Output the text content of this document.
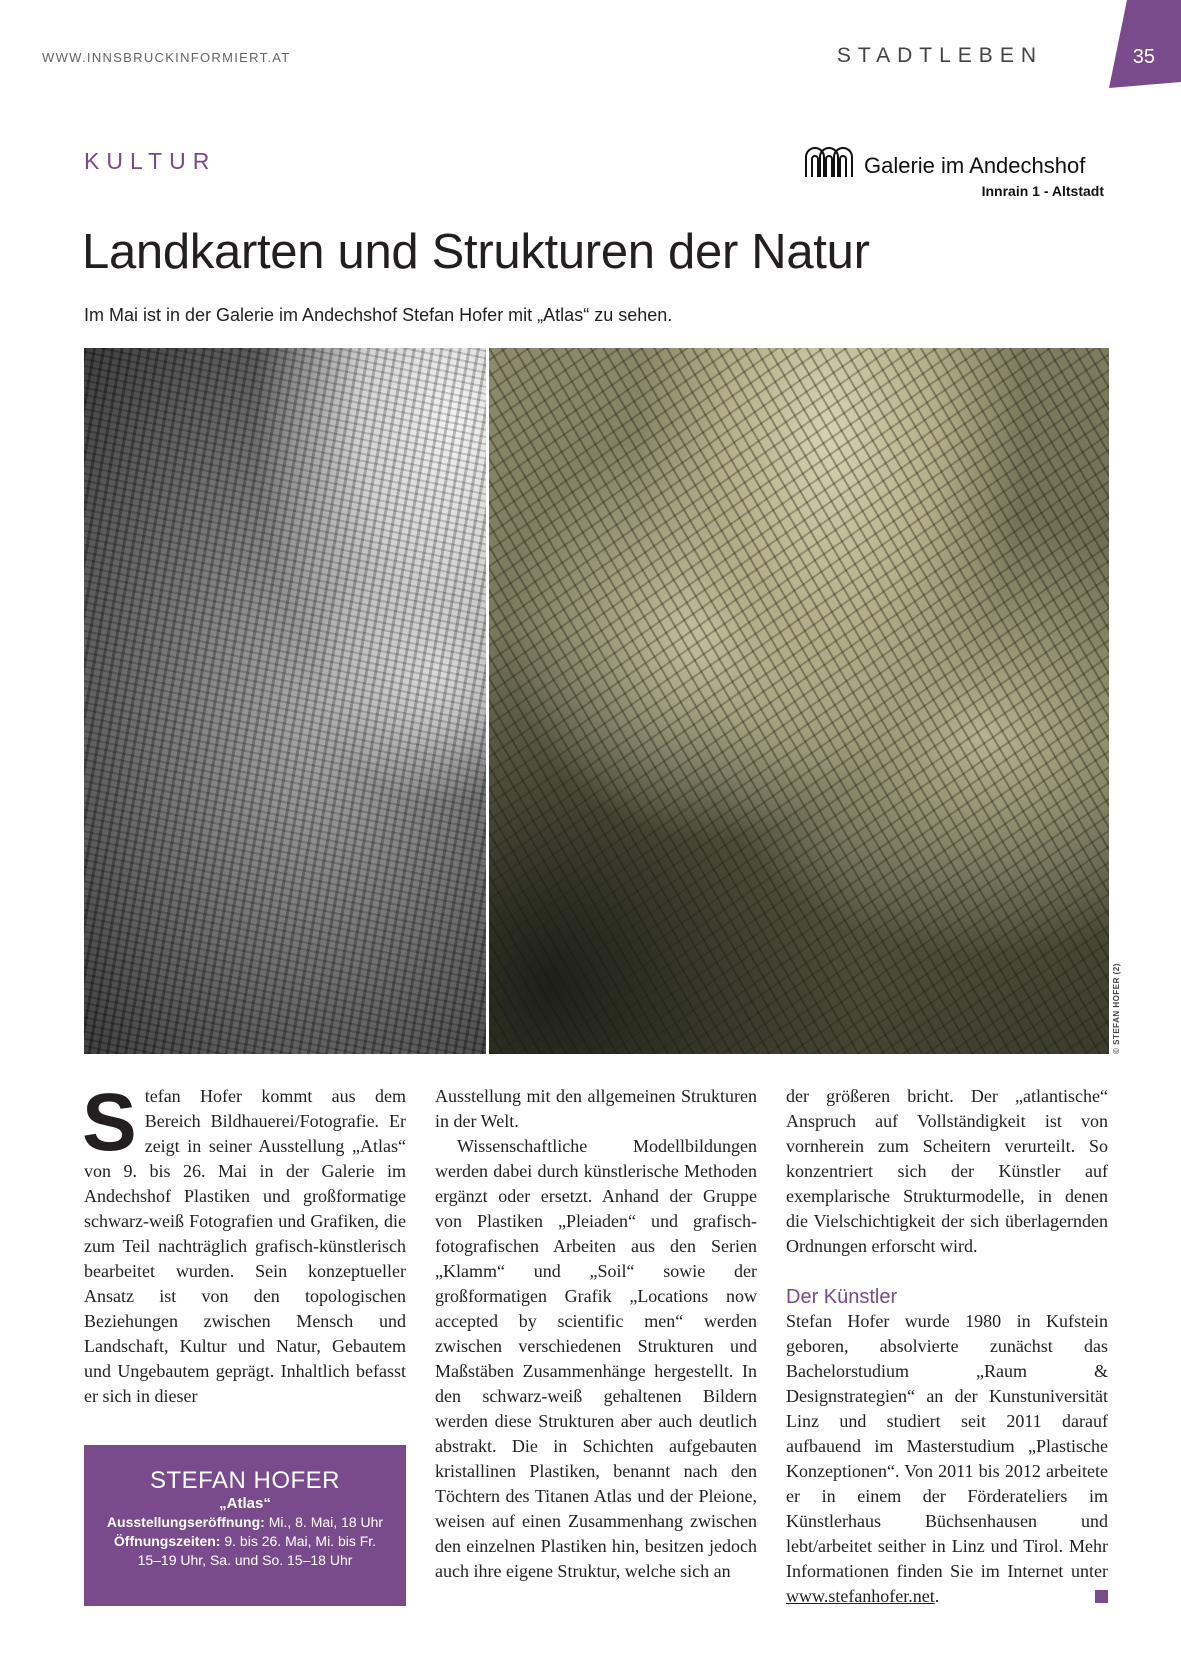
WWW.INNSBRUCKINFORMIERT.AT	STADTLEBEN	35
KULTUR	Galerie im Andechshof
Innrain 1 - Altstadt
Landkarten und Strukturen der Natur
Im Mai ist in der Galerie im Andechshof Stefan Hofer mit „Atlas“ zu sehen.
© STEFAN HOFER (2)

Stefan Hofer kommt aus dem Bereich Bildhauerei/Fotografie. Er zeigt in seiner Ausstellung „Atlas“ von 9. bis 26. Mai in der Galerie im Andechshof Plastiken und großformatige schwarz-weiß Fotografien und Grafiken, die zum Teil nachträglich grafisch-künstlerisch bearbeitet wurden. Sein konzeptueller Ansatz ist von den topologischen Beziehungen zwischen Mensch und Landschaft, Kultur und Natur, Gebautem und Ungebautem geprägt. Inhaltlich befasst er sich in dieser

STEFAN HOFER
„Atlas“
Ausstellungseröffnung: Mi., 8. Mai, 18 Uhr
Öffnungszeiten: 9. bis 26. Mai, Mi. bis Fr.
15–19 Uhr, Sa. und So. 15–18 Uhr

Ausstellung mit den allgemeinen Strukturen in der Welt.

Wissenschaftliche Modellbildungen werden dabei durch künstlerische Methoden ergänzt oder ersetzt. Anhand der Gruppe von Plastiken „Pleiaden“ und grafisch-fotografischen Arbeiten aus den Serien „Klamm“ und „Soil“ sowie der großformatigen Grafik „Locations now accepted by scientific men“ werden zwischen verschiedenen Strukturen und Maßstäben Zusammenhänge hergestellt. In den schwarz-weiß gehaltenen Bildern werden diese Strukturen aber auch deutlich abstrakt. Die in Schichten aufgebauten kristallinen Plastiken, benannt nach den Töchtern des Titanen Atlas und der Pleione, weisen auf einen Zusammenhang zwischen den einzelnen Plastiken hin, besitzen jedoch auch ihre eigene Struktur, welche sich an

der größeren bricht. Der „atlantische“ Anspruch auf Vollständigkeit ist von vornherein zum Scheitern verurteilt. So konzentriert sich der Künstler auf exemplarische Strukturmodelle, in denen die Vielschichtigkeit der sich überlagernden Ordnungen erforscht wird.

Der Künstler

Stefan Hofer wurde 1980 in Kufstein geboren, absolvierte zunächst das Bachelorstudium „Raum & Designstrategien“ an der Kunstuniversität Linz und studiert seit 2011 darauf aufbauend im Masterstudium „Plastische Konzeptionen“. Von 2011 bis 2012 arbeitete er in einem der Förderateliers im Künstlerhaus Büchsenhausen und lebt/arbeitet seither in Linz und Tirol. Mehr Informationen finden Sie im Internet unter www.stefanhofer.net.
